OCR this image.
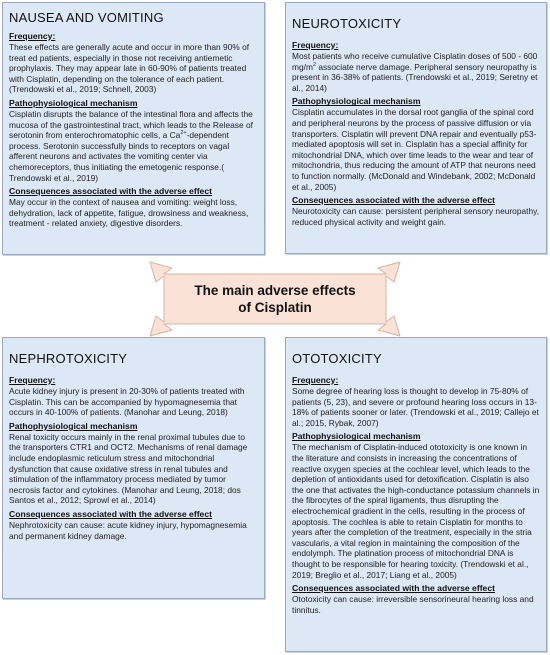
NAUSEA AND VOMITING
Frequency:

These effects are generally acute and occur in more than 90% of treat ed patients, especially in those not receiving antiemetic prophylaxis. They may appear late in 60-90% of patients treated with Cisplatin, depending on the tolerance of each patient. (Trendowski et al., 2019; Schnell, 2003)

Pathophysiological mechanism

Cisplatin disrupts the balance of the intestinal flora and affects the mucosa of the gastrointestinal tract, which leads to the Release of serotonin from enterochromatophic cells, a $Ca^{2+}$-dependent process. Serotonin successfully binds to receptors on vagal afferent neurons and activates the vomiting center via chemoreceptors, thus initiating the emetogenic response.( Trendowski et al., 2019)

Consequences associated with the adverse effect

May occur in the context of nausea and vomiting: weight loss, dehydration, lack of appetite, fatigue, drowsiness and weakness, treatment - related anxiety, digestive disorders.

NEUROTOXICITY
Frequency:

Most patients who receive cumulative Cisplatin doses of 500 - 600 $mg/m^2$ associate nerve damage. Peripheral sensory neuropathy is present in 36-38% of patients. (Trendowski et al., 2019; Seretny et al., 2014)

Pathophysiological mechanism

Cisplatin accumulates in the dorsal root ganglia of the spinal cord and peripheral neurons by the process of passive diffusion or via transporters. Cisplatin will prevent DNA repair and eventually p53-mediated apoptosis will set in. Cisplatin has a special affinity for mitochondrial DNA, which over time leads to the wear and tear of mitochondria, thus reducing the amount of ATP that neurons need to function normally. (McDonald and Windebank, 2002; McDonald et al., 2005)

Consequences associated with the adverse effect

Neurotoxicity can cause: persistent peripheral sensory neuropathy, reduced physical activity and weight gain.

The main adverse effects
of Cisplatin
NEPHROTOXICITY
Frequency:

Acute kidney injury is present in 20-30% of patients treated with Cisplatin. This can be accompanied by hypomagnesemia that occurs in 40-100% of patients. (Manohar and Leung, 2018)

Pathophysiological mechanism

Renal toxicity occurs mainly in the renal proximal tubules due to the transporters CTR1 and OCT2. Mechanisms of renal damage include endoplasmic reticulum stress and mitochondrial dysfunction that cause oxidative stress in renal tubules and stimulation of the inflammatory process mediated by tumor necrosis factor and cytokines. (Manohar and Leung, 2018; dos Santos et al., 2012; Sprowl et al., 2014)

Consequences associated with the adverse effect

Nephrotoxicity can cause: acute kidney injury, hypomagnesemia and permanent kidney damage.

OTOTOXICITY
Frequency:

Some degree of hearing loss is thought to develop in 75-80% of patients (5, 23), and severe or profound hearing loss occurs in 13-18% of patients sooner or later. (Trendowski et al., 2019; Callejo et al.; 2015, Rybak, 2007)

Pathophysiological mechanism

The mechanism of Cisplatin-induced ototoxicity is one known in the literature and consists in increasing the concentrations of reactive oxygen species at the cochlear level, which leads to the depletion of antioxidants used for detoxification. Cisplatin is also the one that activates the high-conductance potassium channels in the fibrocytes of the spiral ligaments, thus disrupting the electrochemical gradient in the cells, resulting in the process of apoptosis. The cochlea is able to retain Cisplatin for months to years after the completion of the treatment, especially in the stria vascularis, a vital region in maintaining the composition of the endolymph. The platination process of mitochondrial DNA is thought to be responsible for hearing toxicity. (Trendowski et al., 2019; Breglio et al., 2017; Liang et al., 2005)

Consequences associated with the adverse effect

Ototoxicity can cause: irreversible sensorineural hearing loss and tinnitus.
